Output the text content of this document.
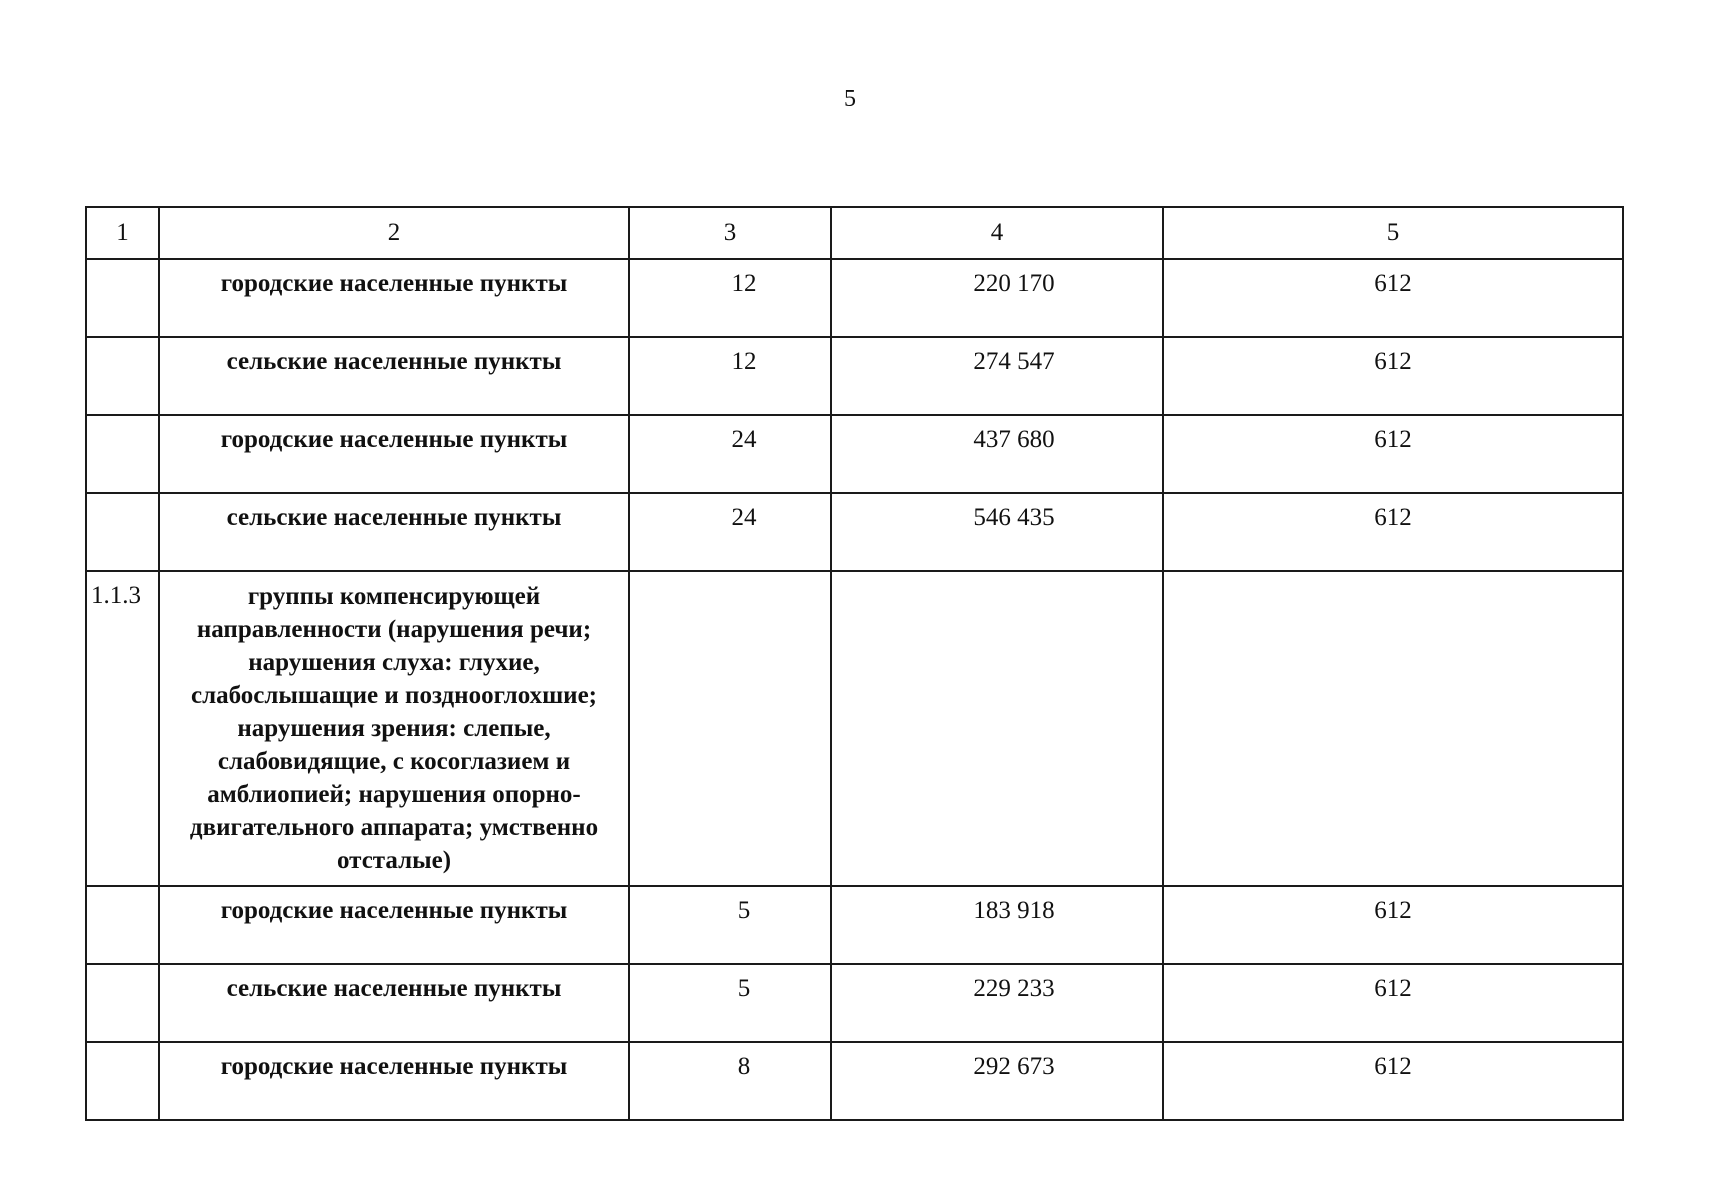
5
1	2	3	4	5

	городские населенные пункты	12	220 170	612

	сельские населенные пункты	12	274 547	612

	городские населенные пункты	24	437 680	612

	сельские населенные пункты	24	546 435	612

1.1.3	группы компенсирующей направленности (нарушения речи; нарушения слуха: глухие, слабослышащие и позднооглохшие; нарушения зрения: слепые, слабовидящие, с косоглазием и амблиопией; нарушения опорно-двигательного аппарата; умственно отсталые)			

	городские населенные пункты	5	183 918	612

	сельские населенные пункты	5	229 233	612

	городские населенные пункты	8	292 673	612
